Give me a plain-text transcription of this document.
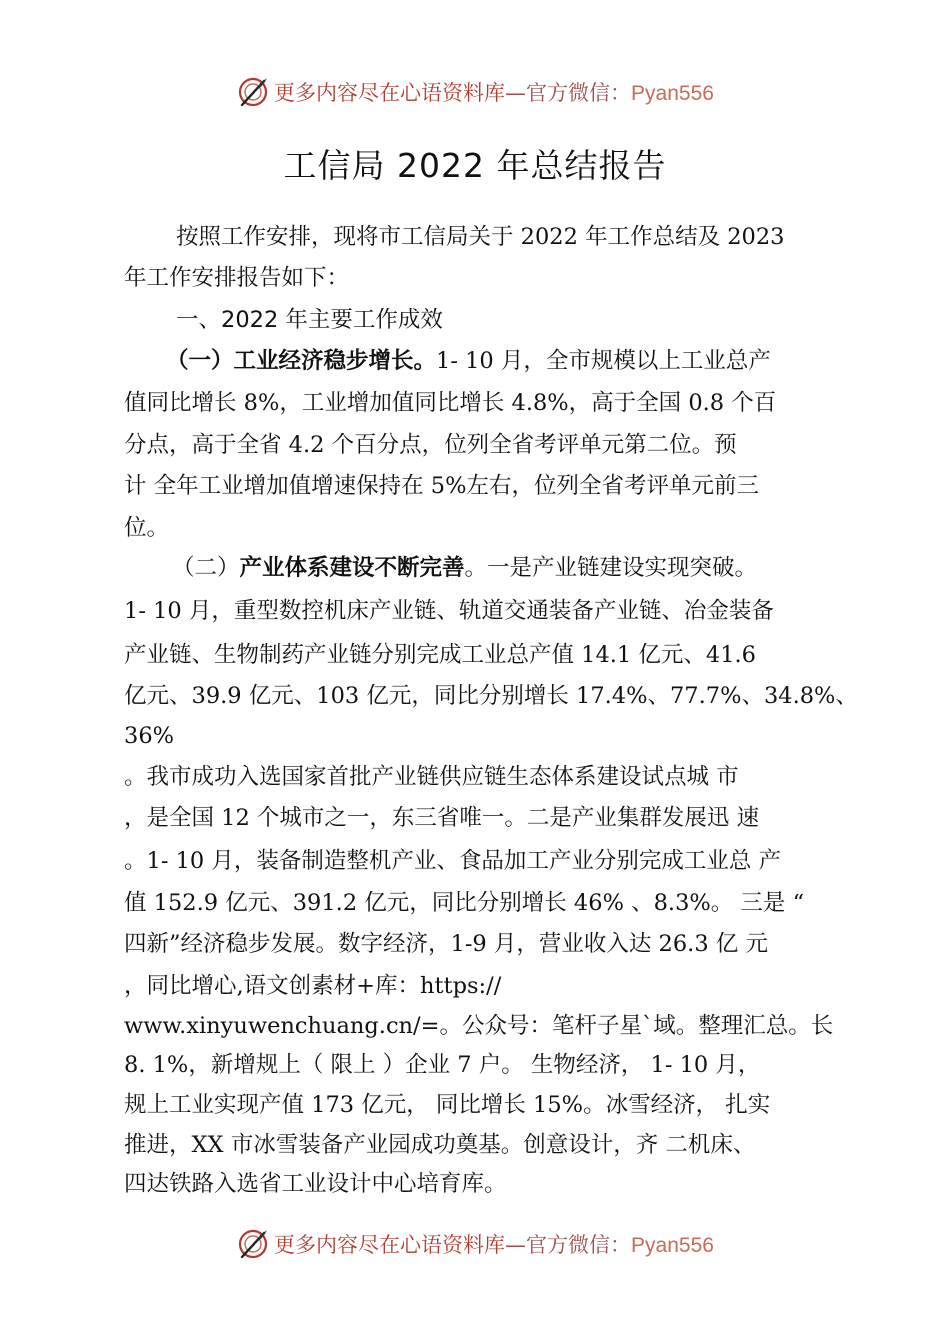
更多内容尽在心语资料库—官方微信：Pyan556
工信局 2022 年总结报告
按照工作安排，现将市工信局关于 2022 年工作总结及 2023
年工作安排报告如下：
一、2022 年主要工作成效
（一）工业经济稳步增长。1- 10 月，全市规模以上工业总产
值同比增长 8%，工业增加值同比增长 4.8%，高于全国 0.8 个百
分点，高于全省 4.2 个百分点，位列全省考评单元第二位。预
计 全年工业增加值增速保持在 5%左右，位列全省考评单元前三
位。
（二）产业体系建设不断完善。一是产业链建设实现突破。
1- 10 月，重型数控机床产业链、轨道交通装备产业链、冶金装备
产业链、生物制药产业链分别完成工业总产值 14.1 亿元、41.6
亿元、39.9 亿元、103 亿元，同比分别增长 17.4%、77.7%、34.8%、
36%
。我市成功入选国家首批产业链供应链生态体系建设试点城 市
，是全国 12 个城市之一，东三省唯一。二是产业集群发展迅 速
。1- 10 月，装备制造整机产业、食品加工产业分别完成工业总 产
值 152.9 亿元、391.2 亿元，同比分别增长 46% 、8.3%。 三是 “
四新”经济稳步发展。数字经济，1-9 月，营业收入达 26.3 亿 元
，同比增心,语文创素材+库：https://
www.xinyuwenchuang.cn/=。公众号：笔杆子星`域。整理汇总。长
8. 1%，新增规上（ 限上 ）企业 7 户。 生物经济， 1- 10 月，
规上工业实现产值 173 亿元， 同比增长 15%。冰雪经济， 扎实
推进，XX 市冰雪装备产业园成功奠基。创意设计，齐 二机床、
四达铁路入选省工业设计中心培育库。
更多内容尽在心语资料库—官方微信：Pyan556
